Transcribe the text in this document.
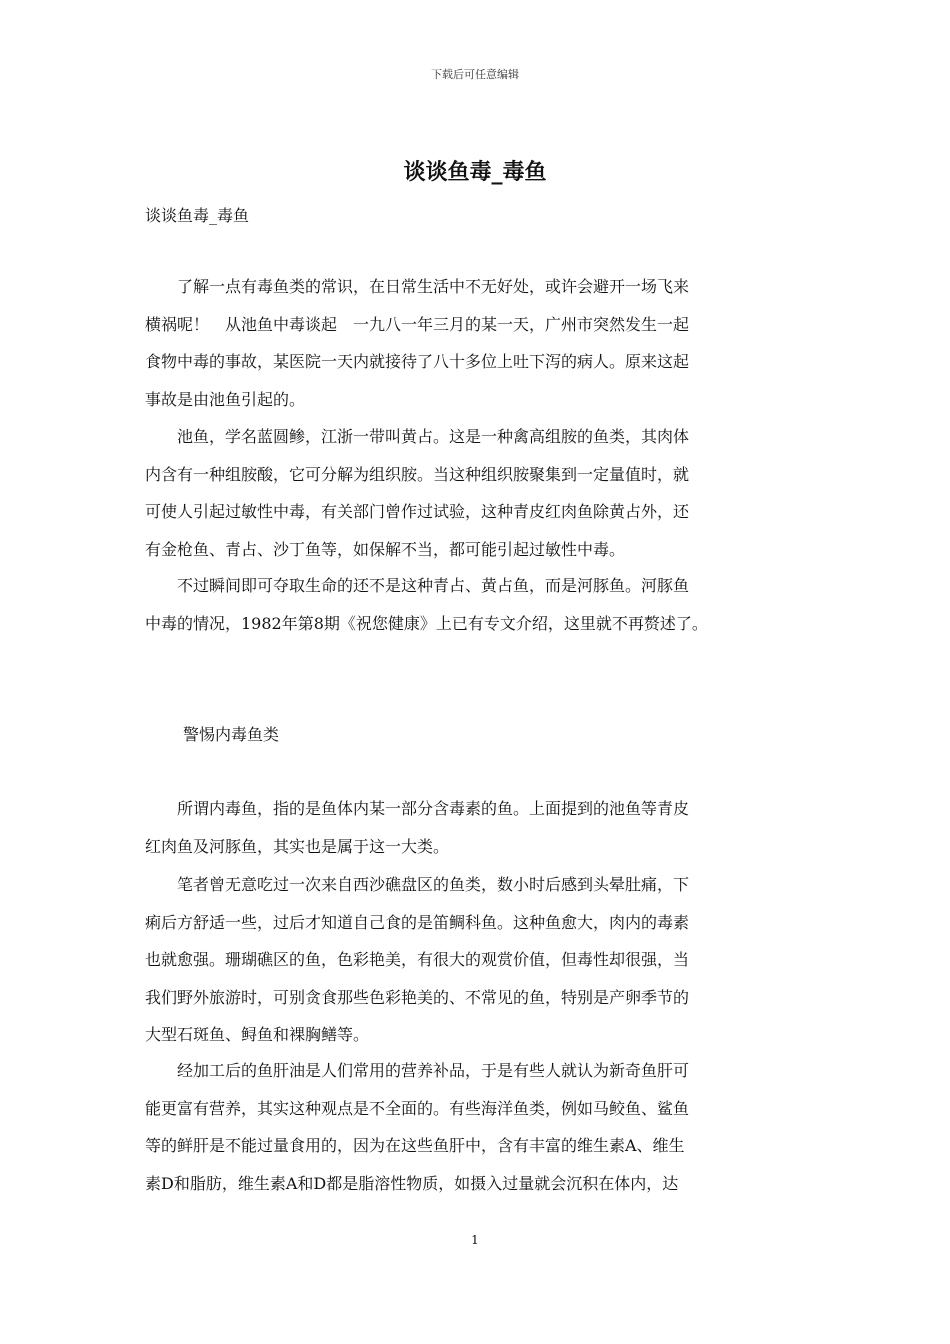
下载后可任意编辑
谈谈鱼毒_毒鱼
谈谈鱼毒_毒鱼
　　了解一点有毒鱼类的常识，在日常生活中不无好处，或许会避开一场飞来
横祸呢！　从池鱼中毒谈起　一九八一年三月的某一天，广州市突然发生一起
食物中毒的事故，某医院一天内就接待了八十多位上吐下泻的病人。原来这起
事故是由池鱼引起的。
　　池鱼，学名蓝圆鲹，江浙一带叫黄占。这是一种禽高组胺的鱼类，其肉体
内含有一种组胺酸，它可分解为组织胺。当这种组织胺聚集到一定量值时，就
可使人引起过敏性中毒，有关部门曾作过试验，这种青皮红肉鱼除黄占外，还
有金枪鱼、青占、沙丁鱼等，如保解不当，都可能引起过敏性中毒。
　　不过瞬间即可夺取生命的还不是这种青占、黄占鱼，而是河豚鱼。河豚鱼
中毒的情况，1982年第8期《祝您健康》上已有专文介绍，这里就不再赘述了。
警惕内毒鱼类
　　所谓内毒鱼，指的是鱼体内某一部分含毒素的鱼。上面提到的池鱼等青皮
红肉鱼及河豚鱼，其实也是属于这一大类。
　　笔者曾无意吃过一次来自西沙礁盘区的鱼类，数小时后感到头晕肚痛，下
痢后方舒适一些，过后才知道自己食的是笛鲷科鱼。这种鱼愈大，肉内的毒素
也就愈强。珊瑚礁区的鱼，色彩艳美，有很大的观赏价值，但毒性却很强，当
我们野外旅游时，可别贪食那些色彩艳美的、不常见的鱼，特别是产卵季节的
大型石斑鱼、鲟鱼和裸胸鳝等。
　　经加工后的鱼肝油是人们常用的营养补品，于是有些人就认为新奇鱼肝可
能更富有营养，其实这种观点是不全面的。有些海洋鱼类，例如马鲛鱼、鲨鱼
等的鲜肝是不能过量食用的，因为在这些鱼肝中，含有丰富的维生素A、维生
素D和脂肪，维生素A和D都是脂溶性物质，如摄入过量就会沉积在体内，达
1
